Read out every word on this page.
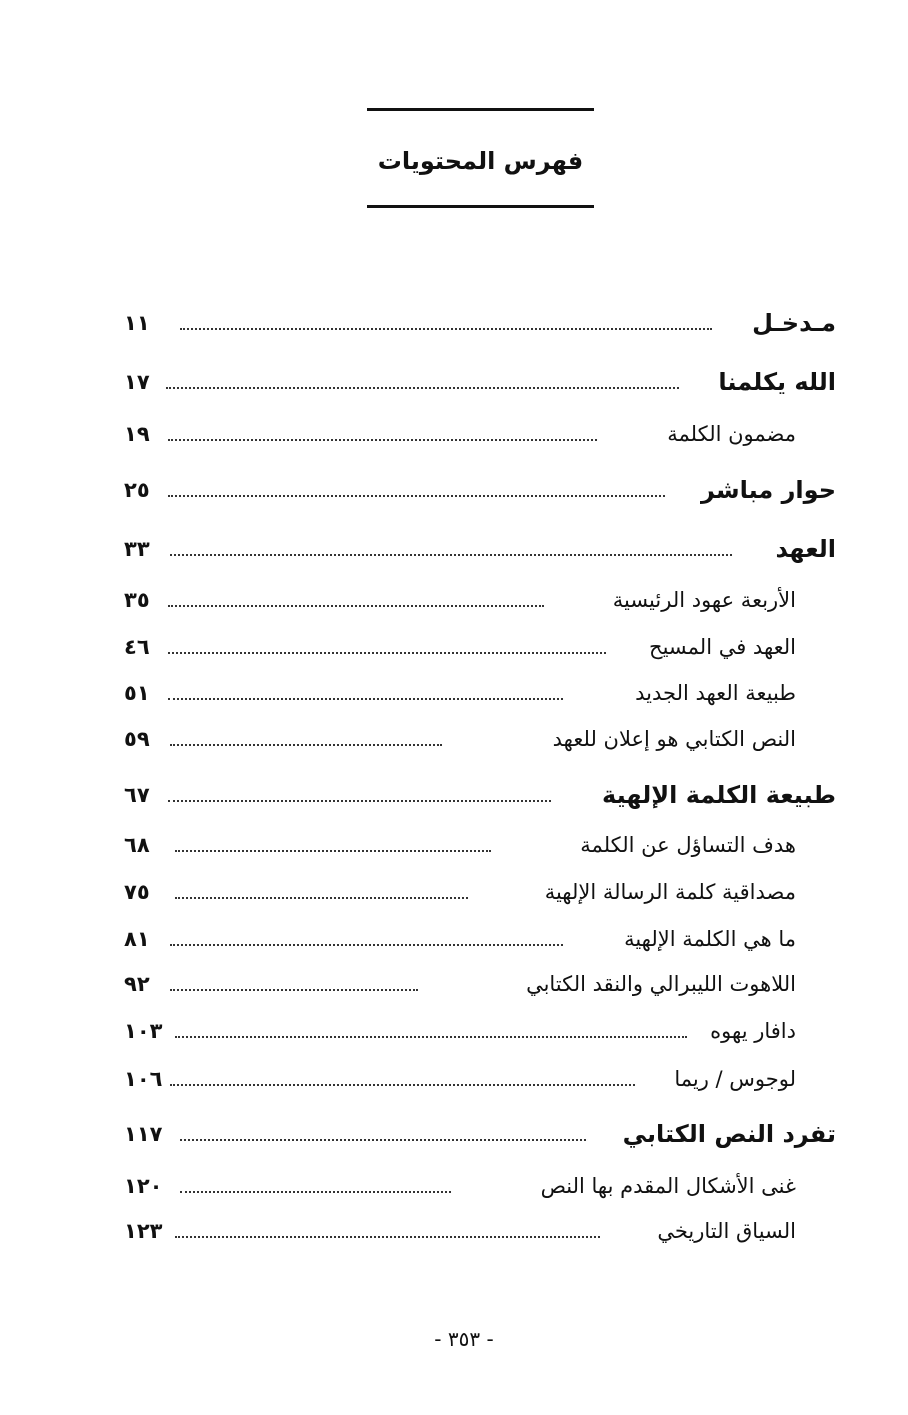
فهرس المحتويات
مـدخـل
١١
الله يكلمنا
١٧
مضمون الكلمة
١٩
حوار مباشر
٢٥
العهد
٣٣
الأربعة عهود الرئيسية
٣٥
العهد في المسيح
٤٦
طبيعة العهد الجديد
٥١
النص الكتابي هو إعلان للعهد
٥٩
طبيعة الكلمة الإلهية
٦٧
هدف التساؤل عن الكلمة
٦٨
مصداقية كلمة الرسالة الإلهية
٧٥
ما هي الكلمة الإلهية
٨١
اللاهوت الليبرالي والنقد الكتابي
٩٢
دافار يهوه
١٠٣
لوجوس / ريما
١٠٦
تفرد النص الكتابي
١١٧
غنى الأشكال المقدم بها النص
١٢٠
السياق التاريخي
١٢٣
- ٣٥٣ -
